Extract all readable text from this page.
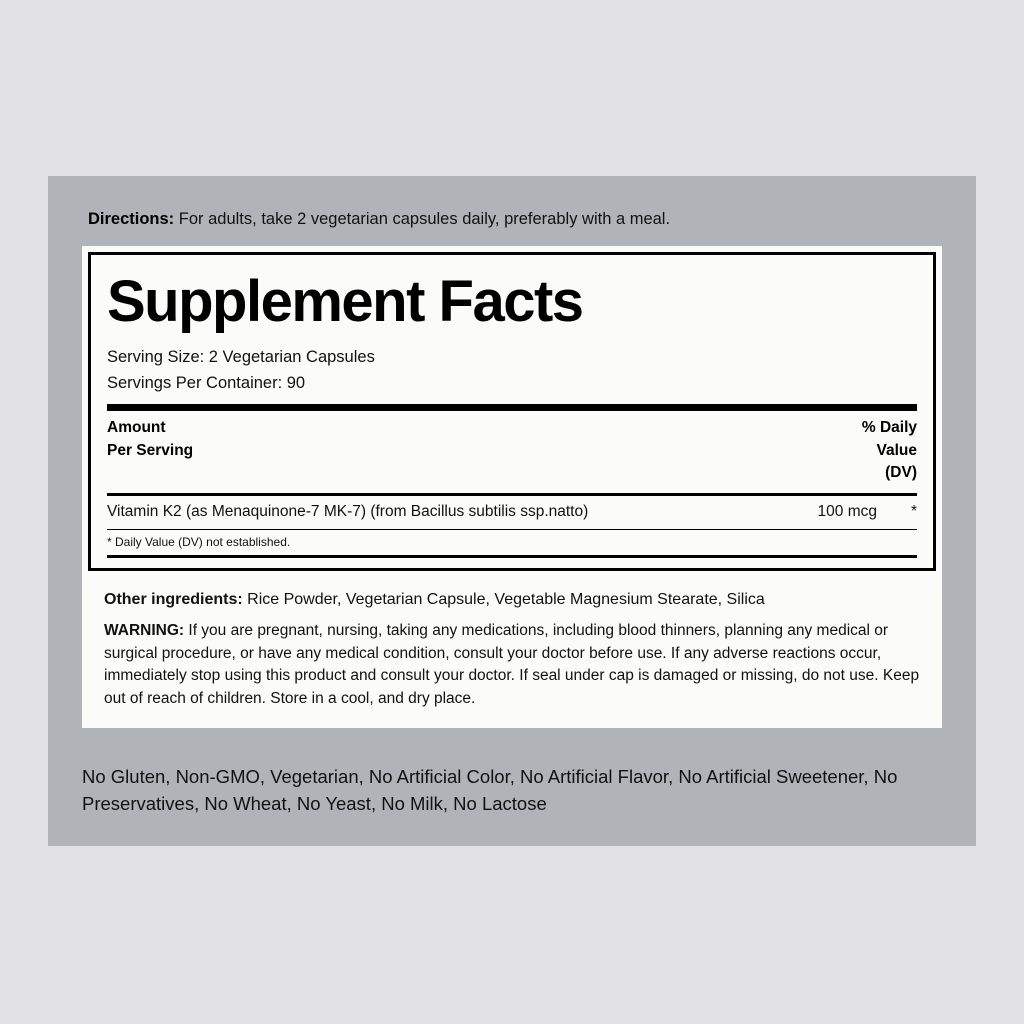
Directions: For adults, take 2 vegetarian capsules daily, preferably with a meal.
Supplement Facts
Serving Size: 2 Vegetarian Capsules
Servings Per Container: 90
Amount
Per Serving
% Daily
Value
(DV)
Vitamin K2 (as Menaquinone-7 MK-7) (from Bacillus subtilis ssp.natto)	100 mcg	*
* Daily Value (DV) not established.
Other ingredients: Rice Powder, Vegetarian Capsule, Vegetable Magnesium Stearate, Silica
WARNING: If you are pregnant, nursing, taking any medications, including blood thinners, planning any medical or surgical procedure, or have any medical condition, consult your doctor before use. If any adverse reactions occur, immediately stop using this product and consult your doctor. If seal under cap is damaged or missing, do not use. Keep out of reach of children. Store in a cool, and dry place.
No Gluten, Non-GMO, Vegetarian, No Artificial Color, No Artificial Flavor, No Artificial Sweetener, No Preservatives, No Wheat, No Yeast, No Milk, No Lactose
